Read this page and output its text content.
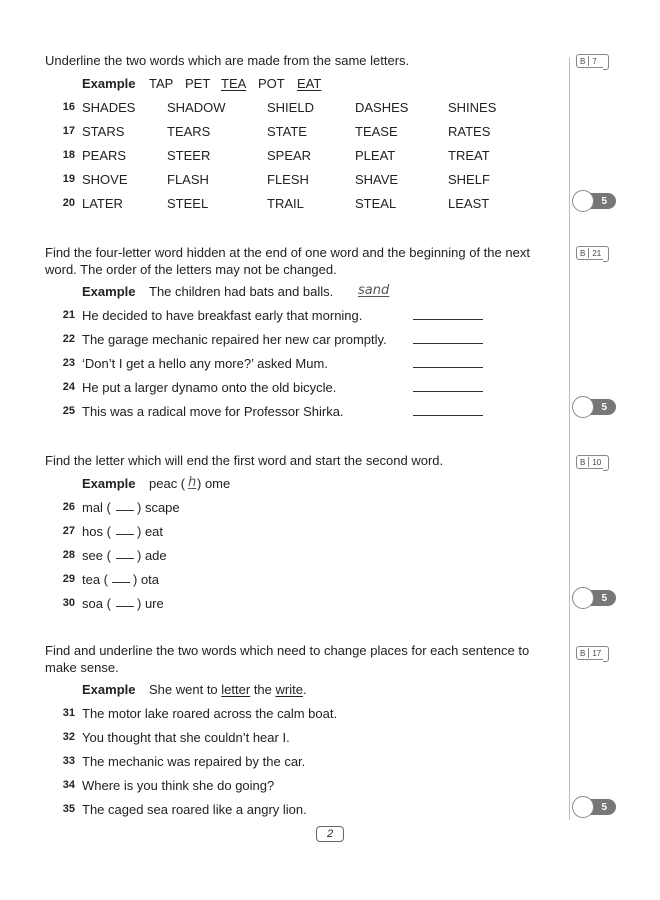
Underline the two words which are made from the same letters.	B 7
Example TAP PET TEA POT EAT
16 SHADES SHADOW	SHIELD	DASHES	SHINES
17 STARS	TEARS	STATE	TEASE	RATES
18 PEARS	STEER	SPEAR	PLEAT	TREAT
19 SHOVE	FLASH	FLESH	SHAVE	SHELF
20 LATER	STEEL	TRAIL	STEAL	LEAST	5
Find the four-letter word hidden at the end of one word and the beginning of the next word. The order of the letters may not be changed.
B 21
Example The children had bats and balls. sand
21 He decided to have breakfast early that morning.
22 The garage mechanic repaired her new car promptly.
23 ‘Don’t I get a hello any more?’ asked Mum.
24 He put a larger dynamo onto the old bicycle.
25 This was a radical move for Professor Shirka.	5
Find the letter which will end the first word and start the second word.	B 10
Example peac ( h ) ome
26 mal ( ) scape
27 hos ( ) eat
28 see ( ) ade
29 tea ( ) ota
30 soa ( ) ure	5
Find and underline the two words which need to change places for each sentence to make sense.
B 17
Example She went to letter the write.
31 The motor lake roared across the calm boat.
32 You thought that she couldn’t hear I.
33 The mechanic was repaired by the car.
34 Where is you think she do going?
35 The caged sea roared like a angry lion.	5
2
